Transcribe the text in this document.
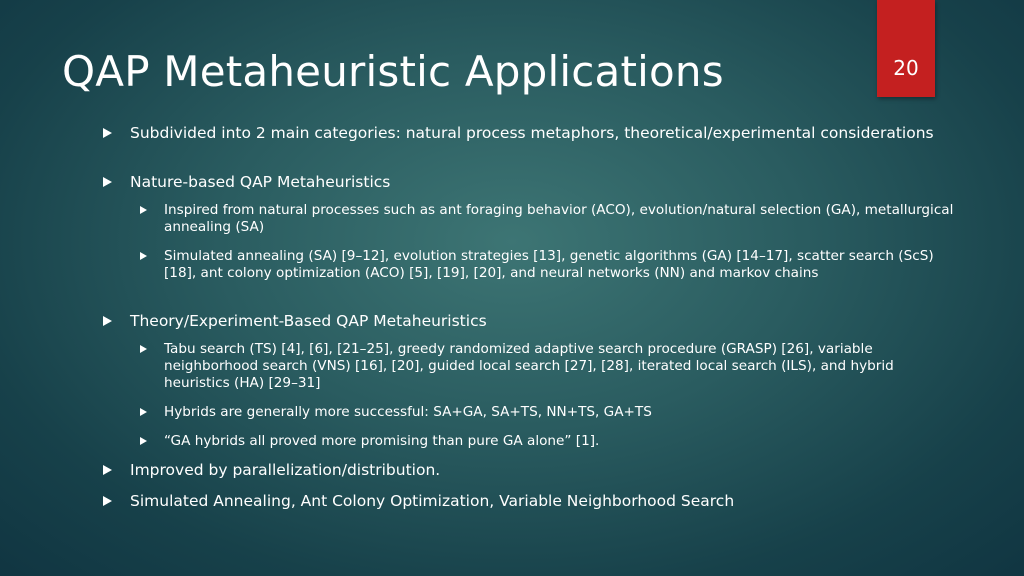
QAP Metaheuristic Applications	20
Subdivided into 2 main categories: natural process metaphors, theoretical/experimental considerations
Nature-based QAP Metaheuristics
Inspired from natural processes such as ant foraging behavior (ACO), evolution/natural selection (GA), metallurgical annealing (SA)
Simulated annealing (SA) [9–12], evolution strategies [13], genetic algorithms (GA) [14–17], scatter search (ScS) [18], ant colony optimization (ACO) [5], [19], [20], and neural networks (NN) and markov chains
Theory/Experiment-Based QAP Metaheuristics
Tabu search (TS) [4], [6], [21–25], greedy randomized adaptive search procedure (GRASP) [26], variable neighborhood search (VNS) [16], [20], guided local search [27], [28], iterated local search (ILS), and hybrid heuristics (HA) [29–31]
Hybrids are generally more successful: SA+GA, SA+TS, NN+TS, GA+TS
“GA hybrids all proved more promising than pure GA alone” [1].
Improved by parallelization/distribution.
Simulated Annealing, Ant Colony Optimization, Variable Neighborhood Search
